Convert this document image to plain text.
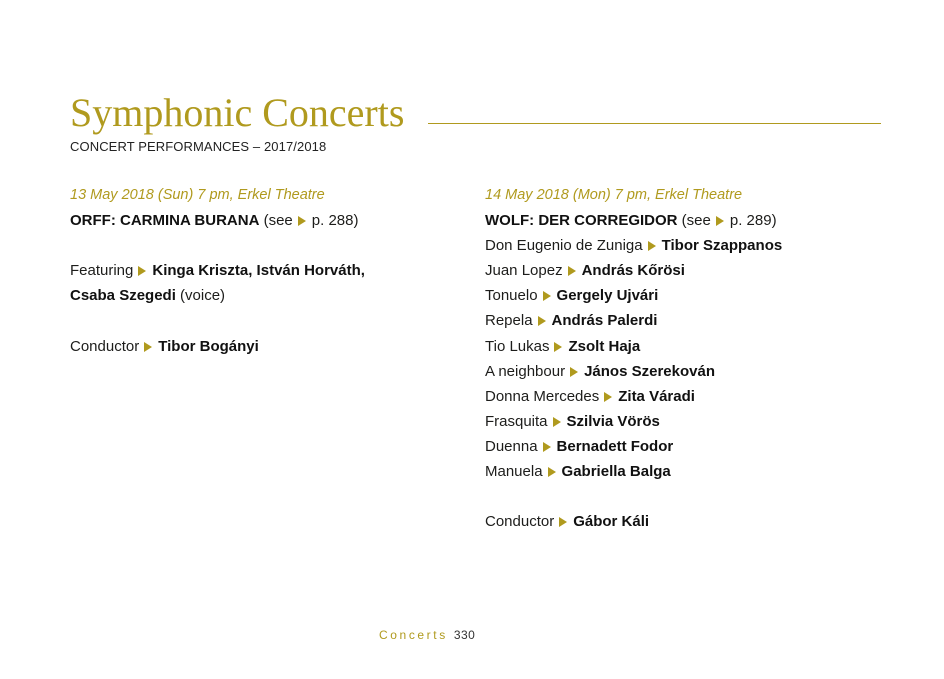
Symphonic Concerts
CONCERT PERFORMANCES – 2017/2018
13 May 2018 (Sun) 7 pm, Erkel Theatre
ORFF: CARMINA BURANA (see p. 288)
Featuring Kinga Kriszta, István Horváth,
Csaba Szegedi (voice)
Conductor Tibor Bogányi
14 May 2018 (Mon) 7 pm, Erkel Theatre
WOLF: DER CORREGIDOR (see p. 289)
Don Eugenio de Zuniga Tibor Szappanos
Juan Lopez András Kőrösi
Tonuelo Gergely Ujvári
Repela András Palerdi
Tio Lukas Zsolt Haja
A neighbour János Szerekován
Donna Mercedes Zita Váradi
Frasquita Szilvia Vörös
Duenna Bernadett Fodor
Manuela Gabriella Balga
Conductor Gábor Káli
Concerts 330
